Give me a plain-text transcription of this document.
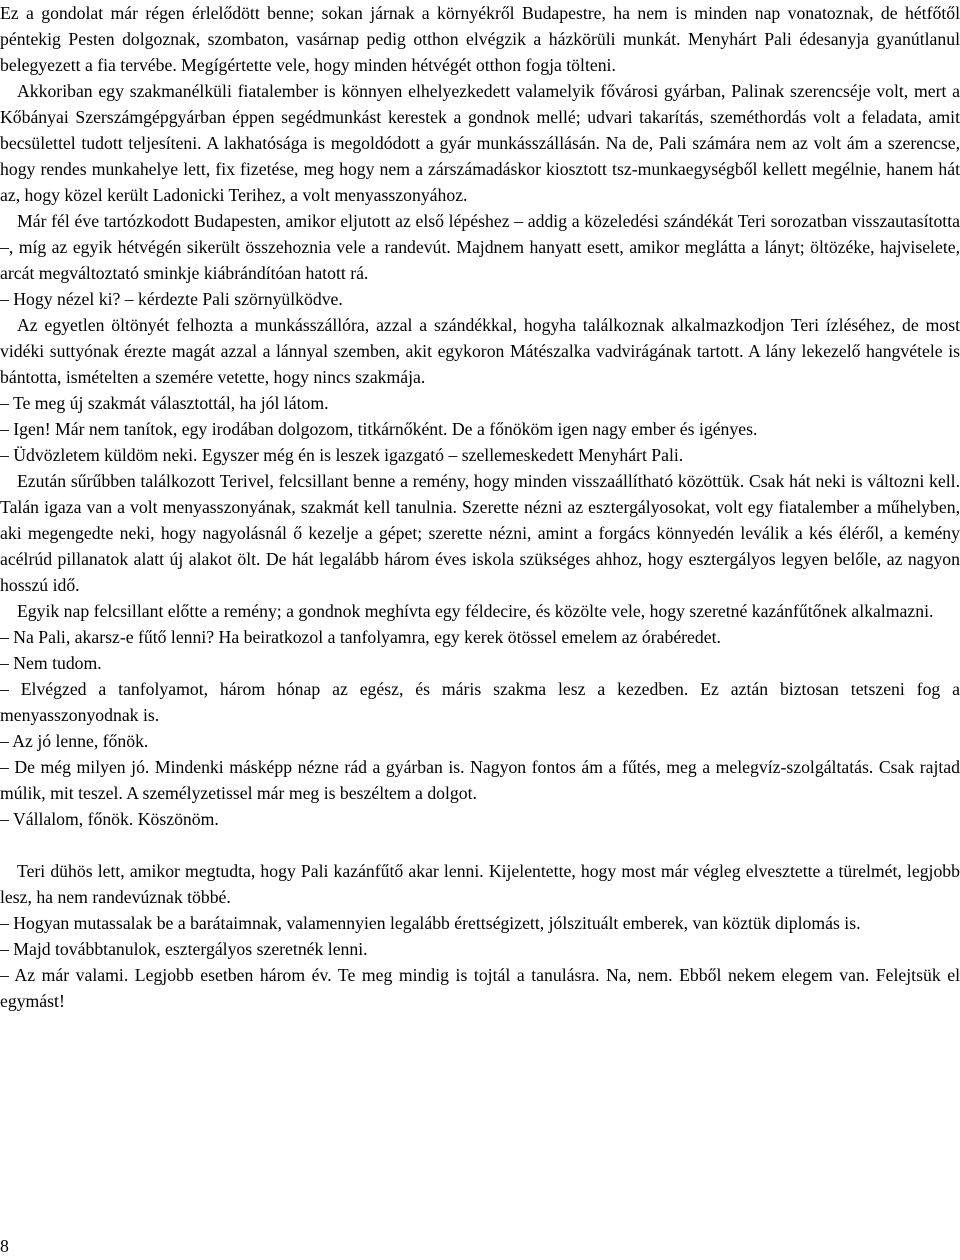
Ez a gondolat már régen érlelődött benne; sokan járnak a környékről Budapestre, ha nem is minden nap vonatoznak, de hétfőtől péntekig Pesten dolgoznak, szombaton, vasárnap pedig otthon elvégzik a házkörüli munkát. Menyhárt Pali édesanyja gyanútlanul belegyezett a fia tervébe. Megígértette vele, hogy minden hétvégét otthon fogja tölteni.

Akkoriban egy szakmanélküli fiatalember is könnyen elhelyezkedett valamelyik fővárosi gyárban, Palinak szerencséje volt, mert a Kőbányai Szerszámgépgyárban éppen segédmunkást kerestek a gondnok mellé; udvari takarítás, szeméthordás volt a feladata, amit becsülettel tudott teljesíteni. A lakhatósága is megoldódott a gyár munkásszállásán. Na de, Pali számára nem az volt ám a szerencse, hogy rendes munkahelye lett, fix fizetése, meg hogy nem a zárszámadáskor kiosztott tsz-munkaegységből kellett megélnie, hanem hát az, hogy közel került Ladonicki Terihez, a volt menyasszonyához.

Már fél éve tartózkodott Budapesten, amikor eljutott az első lépéshez – addig a közeledési szándékát Teri sorozatban visszautasította –, míg az egyik hétvégén sikerült összehoznia vele a randevút. Majdnem hanyatt esett, amikor meglátta a lányt; öltözéke, hajviselete, arcát megváltoztató sminkje kiábrándítóan hatott rá.

– Hogy nézel ki? – kérdezte Pali szörnyülködve.

Az egyetlen öltönyét felhozta a munkásszállóra, azzal a szándékkal, hogyha találkoznak alkalmazkodjon Teri ízléséhez, de most vidéki suttyónak érezte magát azzal a lánnyal szemben, akit egykoron Mátészalka vadvirágának tartott. A lány lekezelő hangvétele is bántotta, ismételten a szemére vetette, hogy nincs szakmája.

– Te meg új szakmát választottál, ha jól látom.

– Igen! Már nem tanítok, egy irodában dolgozom, titkárnőként. De a főnököm igen nagy ember és igényes.

– Üdvözletem küldöm neki. Egyszer még én is leszek igazgató – szellemeskedett Menyhárt Pali.

Ezután sűrűbben találkozott Terivel, felcsillant benne a remény, hogy minden visszaállítható közöttük. Csak hát neki is változni kell. Talán igaza van a volt menyasszonyának, szakmát kell tanulnia. Szerette nézni az esztergályosokat, volt egy fiatalember a műhelyben, aki megengedte neki, hogy nagyolásnál ő kezelje a gépet; szerette nézni, amint a forgács könnyedén leválik a kés éléről, a kemény acélrúd pillanatok alatt új alakot ölt. De hát legalább három éves iskola szükséges ahhoz, hogy esztergályos legyen belőle, az nagyon hosszú idő.

Egyik nap felcsillant előtte a remény; a gondnok meghívta egy féldecire, és közölte vele, hogy szeretné kazánfűtőnek alkalmazni.

– Na Pali, akarsz-e fűtő lenni? Ha beiratkozol a tanfolyamra, egy kerek ötössel emelem az órabéredet.

– Nem tudom.

– Elvégzed a tanfolyamot, három hónap az egész, és máris szakma lesz a kezedben. Ez aztán biztosan tetszeni fog a menyasszonyodnak is.

– Az jó lenne, főnök.

– De még milyen jó. Mindenki másképp nézne rád a gyárban is. Nagyon fontos ám a fűtés, meg a melegvíz-szolgáltatás. Csak rajtad múlik, mit teszel. A személyzetissel már meg is beszéltem a dolgot.

– Vállalom, főnök. Köszönöm.

Teri dühös lett, amikor megtudta, hogy Pali kazánfűtő akar lenni. Kijelentette, hogy most már végleg elvesztette a türelmét, legjobb lesz, ha nem randevúznak többé.

– Hogyan mutassalak be a barátaimnak, valamennyien legalább érettségizett, jólszituált emberek, van köztük diplomás is.

– Majd továbbtanulok, esztergályos szeretnék lenni.

– Az már valami. Legjobb esetben három év. Te meg mindig is tojtál a tanulásra. Na, nem. Ebből nekem elegem van. Felejtsük el egymást!

8
